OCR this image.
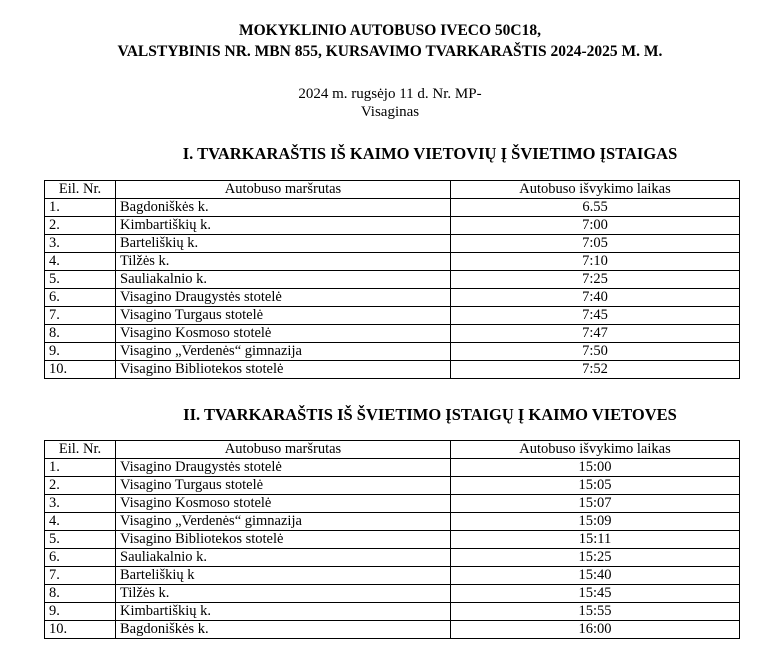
MOKYKLINIO AUTOBUSO IVECO 50C18,
VALSTYBINIS NR. MBN 855, KURSAVIMO TVARKARAŠTIS 2024-2025 M. M.
2024 m. rugsėjo 11 d. Nr. MP-
Visaginas
I. TVARKARAŠTIS IŠ KAIMO VIETOVIŲ Į ŠVIETIMO ĮSTAIGAS
Eil. Nr.	Autobuso maršrutas	Autobuso išvykimo laikas
1.	Bagdoniškės k.	6.55
2.	Kimbartiškių k.	7:00
3.	Barteliškių k.	7:05
4.	Tilžės k.	7:10
5.	Sauliakalnio k.	7:25
6.	Visagino Draugystės stotelė	7:40
7.	Visagino Turgaus stotelė	7:45
8.	Visagino Kosmoso stotelė	7:47
9.	Visagino „Verdenės“ gimnazija	7:50
10.	Visagino Bibliotekos stotelė	7:52
II. TVARKARAŠTIS IŠ ŠVIETIMO ĮSTAIGŲ Į KAIMO VIETOVES
Eil. Nr.	Autobuso maršrutas	Autobuso išvykimo laikas
1.	Visagino Draugystės stotelė	15:00
2.	Visagino Turgaus stotelė	15:05
3.	Visagino Kosmoso stotelė	15:07
4.	Visagino „Verdenės“ gimnazija	15:09
5.	Visagino Bibliotekos stotelė	15:11
6.	Sauliakalnio k.	15:25
7.	Barteliškių k	15:40
8.	Tilžės k.	15:45
9.	Kimbartiškių k.	15:55
10.	Bagdoniškės k.	16:00
